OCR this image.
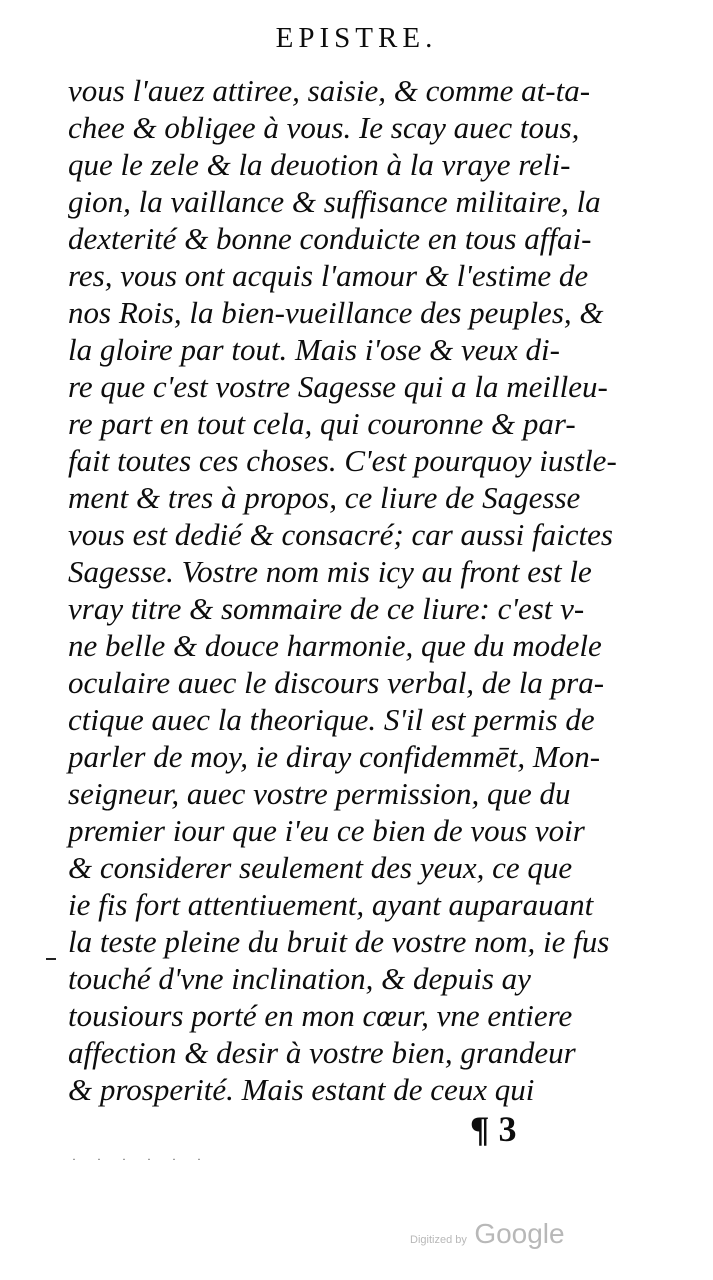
EPISTRE.
vous l'auez attiree, saisie, & comme at-ta-
chee & obligee à vous. Ie scay auec tous,
que le zele & la deuotion à la vraye reli-
gion, la vaillance & suffisance militaire, la
dexterité & bonne conduicte en tous affai-
res, vous ont acquis l'amour & l'estime de
nos Rois, la bien-vueillance des peuples, &
la gloire par tout. Mais i'ose & veux di-
re que c'est vostre Sagesse qui a la meilleu-
re part en tout cela, qui couronne & par-
fait toutes ces choses. C'est pourquoy iustle-
ment & tres à propos, ce liure de Sagesse
vous est dedié & consacré; car aussi faictes
Sagesse. Vostre nom mis icy au front est le
vray titre & sommaire de ce liure: c'est v-
ne belle & douce harmonie, que du modele
oculaire auec le discours verbal, de la pra-
ctique auec la theorique. S'il est permis de
parler de moy, ie diray confidemmēt, Mon-
seigneur, auec vostre permission, que du
premier iour que i'eu ce bien de vous voir
& considerer seulement des yeux, ce que
ie fis fort attentiuement, ayant auparauant
la teste pleine du bruit de vostre nom, ie fus
touché d'vne inclination, & depuis ay
tousiours porté en mon cœur, vne entiere
affection & desir à vostre bien, grandeur
& prosperité. Mais estant de ceux qui
¶ 3
· · · · · ·
Digitized by Google
